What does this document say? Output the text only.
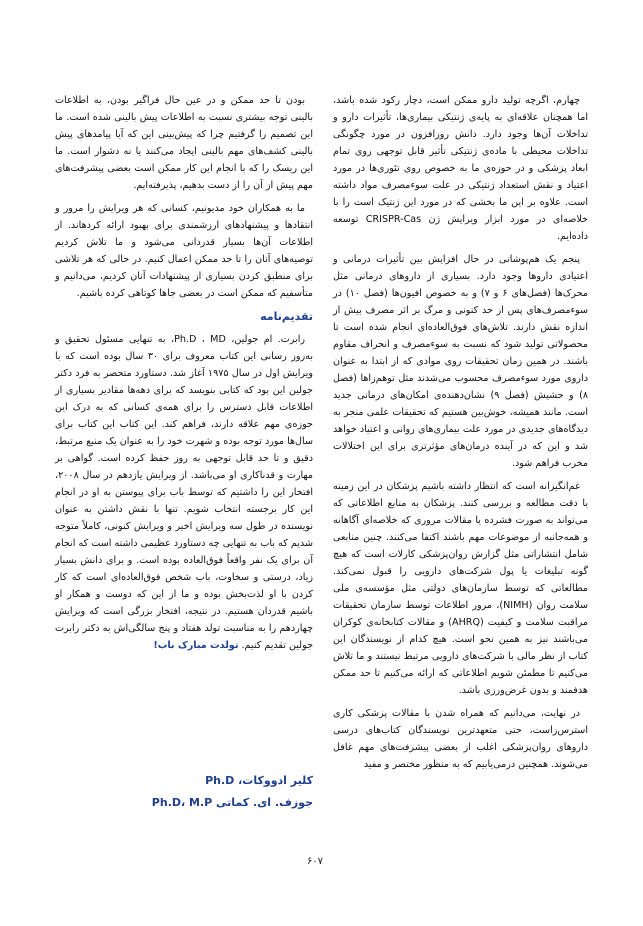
چهارم، اگرچه تولید دارو ممکن است، دچار رکود شده باشد، اما همچنان علاقه‌ای به پایه‌ی ژنتیکی بیماری‌ها، تأثیرات دارو و تداخلات آن‌ها وجود دارد. دانش روزافزون در مورد چگونگی تداخلات محیطی با ماده‌ی ژنتیکی تأثیر قابل توجهی روی تمام ابعاد پزشکی و در حوزه‌ی ما به خصوص روی تئوری‌ها در مورد اعتیاد و نقش استعداد ژنتیکی در علت سوءمصرف مواد داشته است. علاوه بر این ما بخشی که در مورد این ژنتیک است را با خلاصه‌ای در مورد ابزار ویرایش ژن CRISPR-Cas توسعه داده‌ایم.

پنجم یک هم‌پوشانی در حال افزایش بین تأثیرات درمانی و اعتیادی داروها وجود دارد. بسیاری از داروهای درمانی مثل محرک‌ها (فصل‌های ۶ و ۷) و به خصوص افیون‌ها (فصل ۱۰) در سوءمصرف‌های پس از حد کنونی و مرگ بر اثر مصرف بیش از اندازه نقش دارند. تلاش‌های فوق‌العاده‌ای انجام شده است تا محصولاتی تولید شود که نسبت به سوءمصرف و انحراف مقاوم باشند. در همین زمان تحقیقات روی موادی که از ابتدا به عنوان داروی مورد سوءمصرف محسوب می‌شدند مثل توهم‌زاها (فصل ۸) و حشیش (فصل ۹) نشان‌دهنده‌ی امکان‌های درمانی جدید است. مانند همیشه، خوش‌بین هستیم که تحقیقات علمی منجر به دیدگاه‌های جدیدی در مورد علت بیماری‌های روانی و اعتیاد خواهد شد و این که در آینده درمان‌های مؤثرتری برای این اختلالات مخرب فراهم شود.

غم‌انگیزانه است که انتظار داشته باشیم پزشکان در این زمینه با دقت مطالعه و بررسی کنند. پزشکان به منابع اطلاعاتی که می‌تواند به صورت فشرده یا مقالات مروری که خلاصه‌ای آگاهانه و همه‌جانبه از موضوعات مهم باشند اکتفا می‌کنند. چنین منابعی شامل انتشاراتی مثل گزارش روان‌پزشکی کارلات است که هیچ گونه تبلیغات یا پول شرکت‌های دارویی را قبول نمی‌کند. مطالعاتی که توسط سازمان‌های دولتی مثل مؤسسه‌ی ملی سلامت روان (NIMH)، مرور اطلاعات توسط سازمان تحقیقات مراقبت سلامت و کیفیت (AHRQ) و مقالات کتابخانه‌ی کوکران می‌باشند نیز به همین نحو است. هیچ کدام از نویسندگان این کتاب از نظر مالی با شرکت‌های دارویی مرتبط نیستند و ما تلاش می‌کنیم تا مطمئن شویم اطلاعاتی که ارائه می‌کنیم تا حد ممکن هدفمند و بدون غرض‌ورزی باشد.

در نهایت، می‌دانیم که همراه شدن با مقالات پزشکی کاری استرس‌زاست، حتی متعهدترین نویسندگان کتاب‌های درسی داروهای روان‌پزشکی اغلب از بعضی پیشرفت‌های مهم غافل می‌شوند. همچنین درمی‌یابیم که به منظور مختصر و مفید

بودن تا حد ممکن و در عین حال فراگیر بودن، به اطلاعات بالینی توجه بیشتری نسبت به اطلاعات پیش بالینی شده است. ما این تصمیم را گرفتیم چرا که پیش‌بینی این که آیا پیامدهای پیش بالینی کشف‌های مهم بالینی ایجاد می‌کنند یا نه دشوار است. ما این ریسک را که با انجام این کار ممکن است بعضی پیشرفت‌های مهم پیش از آن را از دست بدهیم، پذیرفته‌ایم.

ما به همکاران خود مدیونیم، کسانی که هر ویرایش را مرور و انتقادها و پیشنهادهای ارزشمندی برای بهبود ارائه کردهاند. از اطلاعات آن‌ها بسیار قدردانی می‌شود و ما تلاش کردیم توصیه‌های آنان را تا حد ممکن اعمال کنیم. در حالی که هر تلاشی برای منطبق کردن بسیاری از پیشنهادات آنان کردیم، می‌دانیم و متأسفیم که ممکن است در بعضی جاها کوتاهی کرده باشیم.

تقدیم‌نامه

رابرت. ام جولین، Ph.D ، MD، به تنهایی مسئول تحقیق و به‌روز رسانی این کتاب معروف برای ۳۰ سال بوده است که با ویرایش اول در سال ۱۹۷۵ آغاز شد. دستاورد متحصر به فرد دکتر جولین این بود که کتابی بنویسد که برای دهه‌ها مقادیر بسیاری از اطلاعات قابل دسترس را برای همه‌ی کسانی که به درک این حوزه‌ی مهم علاقه دارند، فراهم کند. این کتاب این کتاب برای سال‌ها مورد توجه بوده و شهرت خود را به عنوان یک منبع مرتبط، دقیق و تا حد قابل توجهی به روز حفظ کرده است. گواهی بر مهارت و قدناکاری او می‌باشد. از ویرایش یازدهم در سال ۲۰۰۸، افتخار این را داشتیم که توسط باب برای پیوستن به او در انجام این کار برجسته انتخاب شویم. تنها با نقش داشتن به عنوان نویسنده در طول سه ویرایش اخیر و ویرایش کنونی، کاملاً متوجه شدیم که باب به تنهایی چه دستاورد عظیمی داشته است که انجام آن برای یک نفر واقعاً فوق‌العاده بوده است. و برای دانش بسیار زیاد، درستی و سخاوت، باب شخص فوق‌العاده‌ای است که کار کردن با او لذت‌بخش بوده و ما از این که دوست و همکار او باشیم قدردان هستیم. در نتیجه، افتخار بزرگی است که ویرایش چهاردهم را به مناسبت تولد هفتاد و پنج سالگی‌اش به دکتر رابرت جولین تقدیم کنیم. تولدت مبارک باب!

کلیر ادووکات، Ph.D
جوزف. ای. کماتی Ph.D، M.P
۶۰۷
